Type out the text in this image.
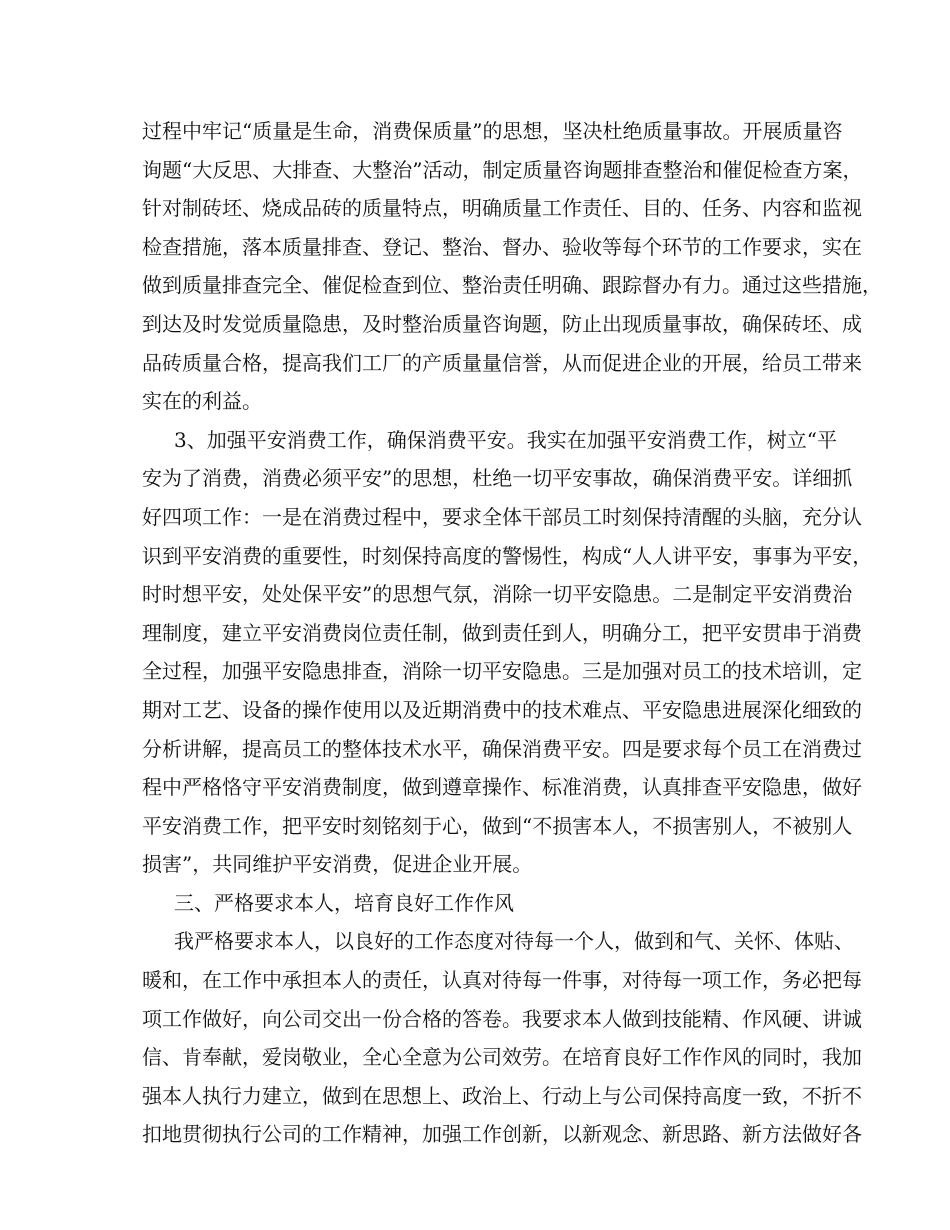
过程中牢记“质量是生命，消费保质量”的思想，坚决杜绝质量事故。开展质量咨
询题“大反思、大排查、大整治”活动，制定质量咨询题排查整治和催促检查方案，
针对制砖坯、烧成品砖的质量特点，明确质量工作责任、目的、任务、内容和监视
检查措施，落本质量排查、登记、整治、督办、验收等每个环节的工作要求，实在
做到质量排查完全、催促检查到位、整治责任明确、跟踪督办有力。通过这些措施，
到达及时发觉质量隐患，及时整治质量咨询题，防止出现质量事故，确保砖坯、成
品砖质量合格，提高我们工厂的产质量量信誉，从而促进企业的开展，给员工带来
实在的利益。
3、加强平安消费工作，确保消费平安。我实在加强平安消费工作，树立“平
安为了消费，消费必须平安”的思想，杜绝一切平安事故，确保消费平安。详细抓
好四项工作：一是在消费过程中，要求全体干部员工时刻保持清醒的头脑，充分认
识到平安消费的重要性，时刻保持高度的警惕性，构成“人人讲平安，事事为平安，
时时想平安，处处保平安”的思想气氛，消除一切平安隐患。二是制定平安消费治
理制度，建立平安消费岗位责任制，做到责任到人，明确分工，把平安贯串于消费
全过程，加强平安隐患排查，消除一切平安隐患。三是加强对员工的技术培训，定
期对工艺、设备的操作使用以及近期消费中的技术难点、平安隐患进展深化细致的
分析讲解，提高员工的整体技术水平，确保消费平安。四是要求每个员工在消费过
程中严格恪守平安消费制度，做到遵章操作、标准消费，认真排查平安隐患，做好
平安消费工作，把平安时刻铭刻于心，做到“不损害本人，不损害别人，不被别人
损害”，共同维护平安消费，促进企业开展。
三、严格要求本人，培育良好工作作风
我严格要求本人，以良好的工作态度对待每一个人，做到和气、关怀、体贴、
暖和，在工作中承担本人的责任，认真对待每一件事，对待每一项工作，务必把每
项工作做好，向公司交出一份合格的答卷。我要求本人做到技能精、作风硬、讲诚
信、肯奉献，爱岗敬业，全心全意为公司效劳。在培育良好工作作风的同时，我加
强本人执行力建立，做到在思想上、政治上、行动上与公司保持高度一致，不折不
扣地贯彻执行公司的工作精神，加强工作创新，以新观念、新思路、新方法做好各
